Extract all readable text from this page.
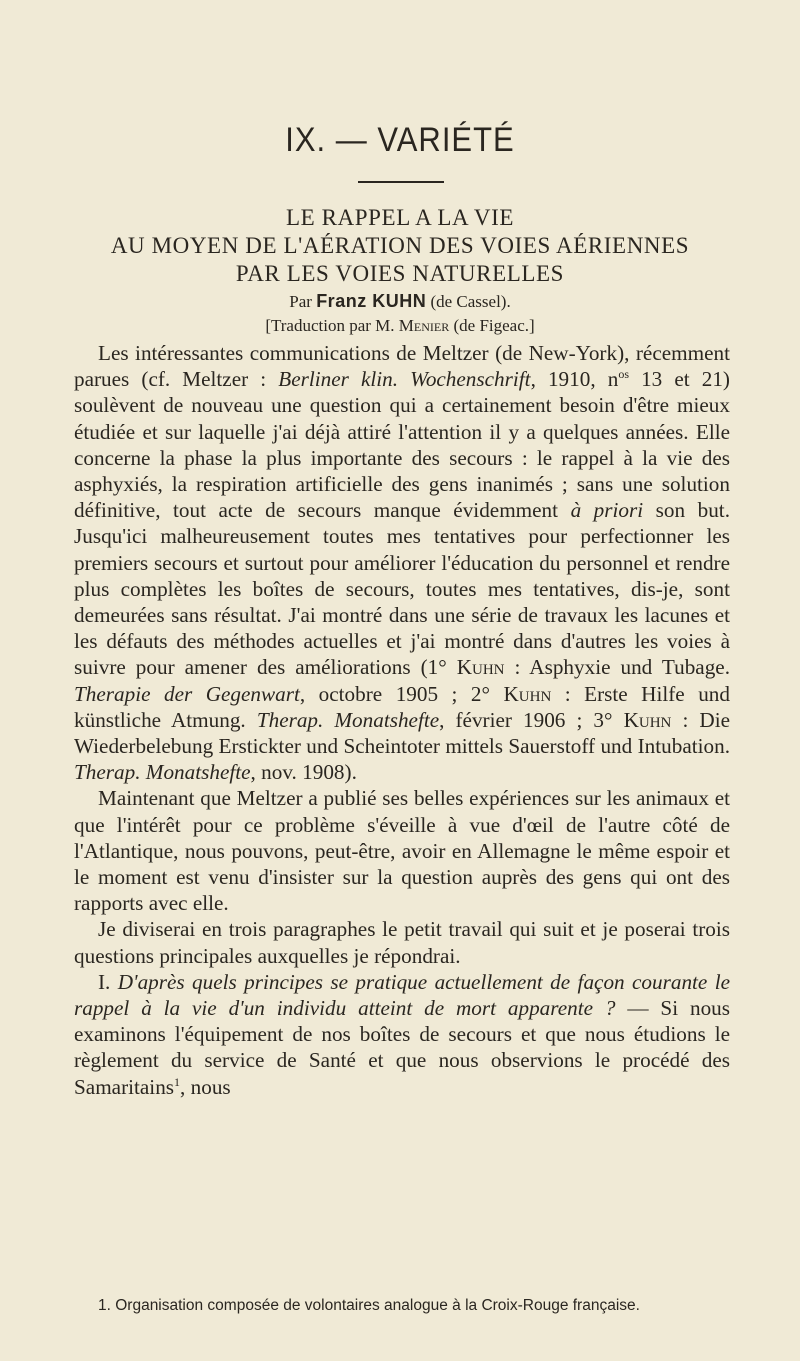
IX. — VARIÉTÉ
LE RAPPEL A LA VIE
AU MOYEN DE L'AÉRATION DES VOIES AÉRIENNES
PAR LES VOIES NATURELLES
Par Franz KUHN (de Cassel).
[Traduction par M. Menier (de Figeac.]

Les intéressantes communications de Meltzer (de New-York), récemment parues (cf. Meltzer : Berliner klin. Wochenschrift, 1910, $n^{os}$ 13 et 21) soulèvent de nouveau une question qui a certainement besoin d'être mieux étudiée et sur laquelle j'ai déjà attiré l'attention il y a quelques années. Elle concerne la phase la plus importante des secours : le rappel à la vie des asphyxiés, la respiration artificielle des gens inanimés ; sans une solution définitive, tout acte de secours manque évidemment à priori son but. Jusqu'ici malheureusement toutes mes tentatives pour perfectionner les premiers secours et surtout pour améliorer l'éducation du personnel et rendre plus complètes les boîtes de secours, toutes mes tentatives, dis-je, sont demeurées sans résultat. J'ai montré dans une série de travaux les lacunes et les défauts des méthodes actuelles et j'ai montré dans d'autres les voies à suivre pour amener des améliorations (1° Kuhn : Asphyxie und Tubage. Therapie der Gegenwart, octobre 1905 ; 2° Kuhn : Erste Hilfe und künstliche Atmung. Therap. Monatshefte, février 1906 ; 3° Kuhn : Die Wiederbelebung Erstickter und Scheintoter mittels Sauerstoff und Intubation. Therap. Monatshefte, nov. 1908).

Maintenant que Meltzer a publié ses belles expériences sur les animaux et que l'intérêt pour ce problème s'éveille à vue d'œil de l'autre côté de l'Atlantique, nous pouvons, peut-être, avoir en Allemagne le même espoir et le moment est venu d'insister sur la question auprès des gens qui ont des rapports avec elle.

Je diviserai en trois paragraphes le petit travail qui suit et je poserai trois questions principales auxquelles je répondrai.

I. D'après quels principes se pratique actuellement de façon courante le rappel à la vie d'un individu atteint de mort apparente ? — Si nous examinons l'équipement de nos boîtes de secours et que nous étudions le règlement du service de Santé et que nous observions le procédé des Samaritains$^1$, nous

1. Organisation composée de volontaires analogue à la Croix-Rouge française.
